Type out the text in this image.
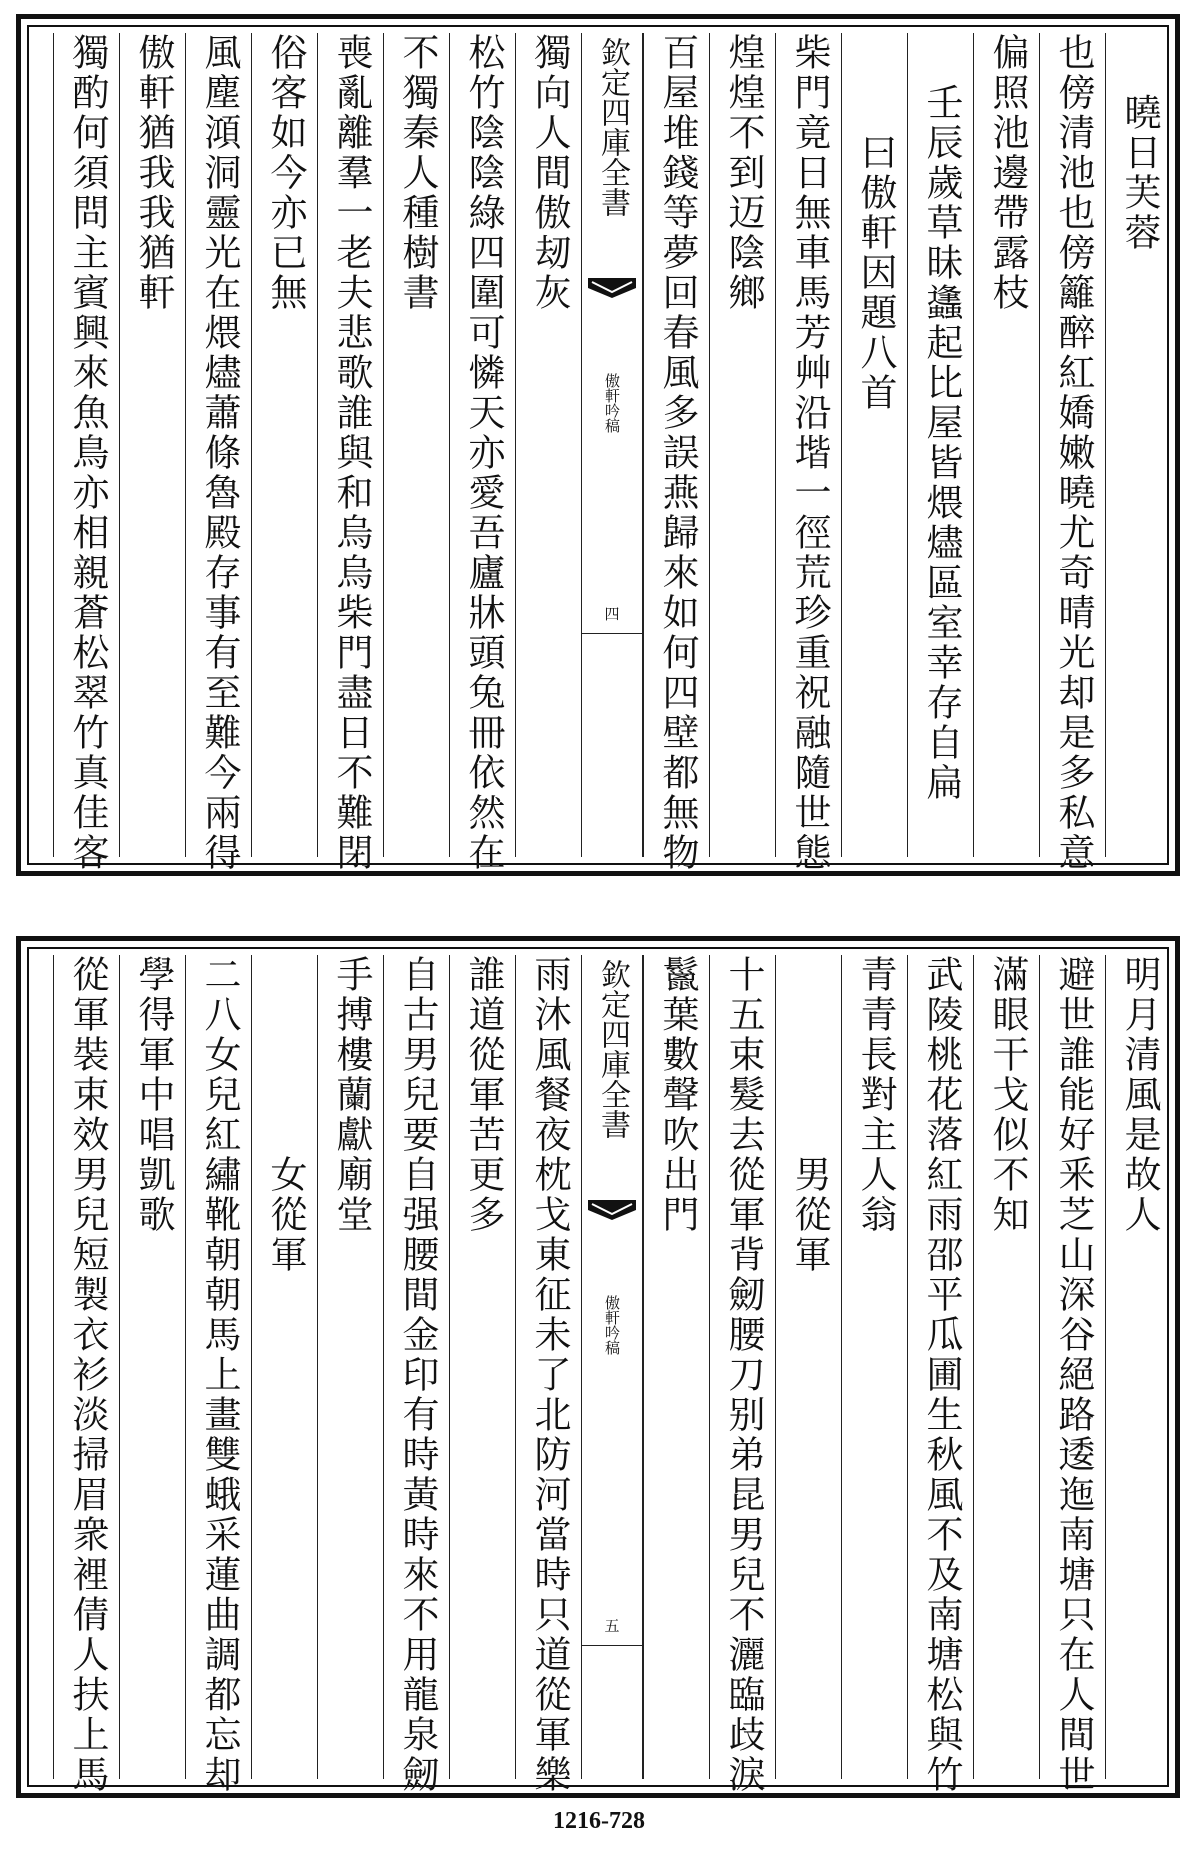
曉日芙蓉
也傍清池也傍籬醉紅嬌嫩曉尤奇晴光却是多私意
偏照池邊帶露枝
壬辰歲草昧蠭起比屋皆煨燼區室幸存自扁
曰傲軒因題八首
柴門竟日無車馬芳艸沿堦一徑荒珍重祝融隨世態
煌煌不到迈陰鄉
百屋堆錢等夢回春風多誤燕歸來如何四壁都無物
獨向人間傲刼灰
松竹陰陰綠四圍可憐天亦愛吾廬牀頭兔冊依然在
不獨秦人種樹書
喪亂離羣一老夫悲歌誰與和烏烏柴門盡日不難閉
俗客如今亦已無
風塵澒洞靈光在煨燼蕭條魯殿存事有至難今兩得
傲軒猶我我猶軒
獨酌何須問主賓興來魚鳥亦相親蒼松翠竹真佳客	欽定四庫全書
傲軒吟稿
四
明月清風是故人
避世誰能好釆芝山深谷絕路逶迤南塘只在人間世
滿眼干戈似不知
武陵桃花落紅雨邵平瓜圃生秋風不及南塘松與竹
青青長對主人翁
男從軍
十五束髮去從軍背劒腰刀别弟昆男兒不灑臨歧淚
鬣葉數聲吹出門
雨沐風餐夜枕戈東征未了北防河當時只道從軍樂
誰道從軍苦更多
自古男兒要自强腰間金印有時黃時來不用龍泉劒
手搏樓蘭獻廟堂
女從軍
二八女兒紅繡靴朝朝馬上畫雙蛾采蓮曲調都忘却
學得軍中唱凱歌
從軍裝束效男兒短製衣衫淡掃眉衆裡倩人扶上馬	欽定四庫全書
傲軒吟稿
五
1216-728
